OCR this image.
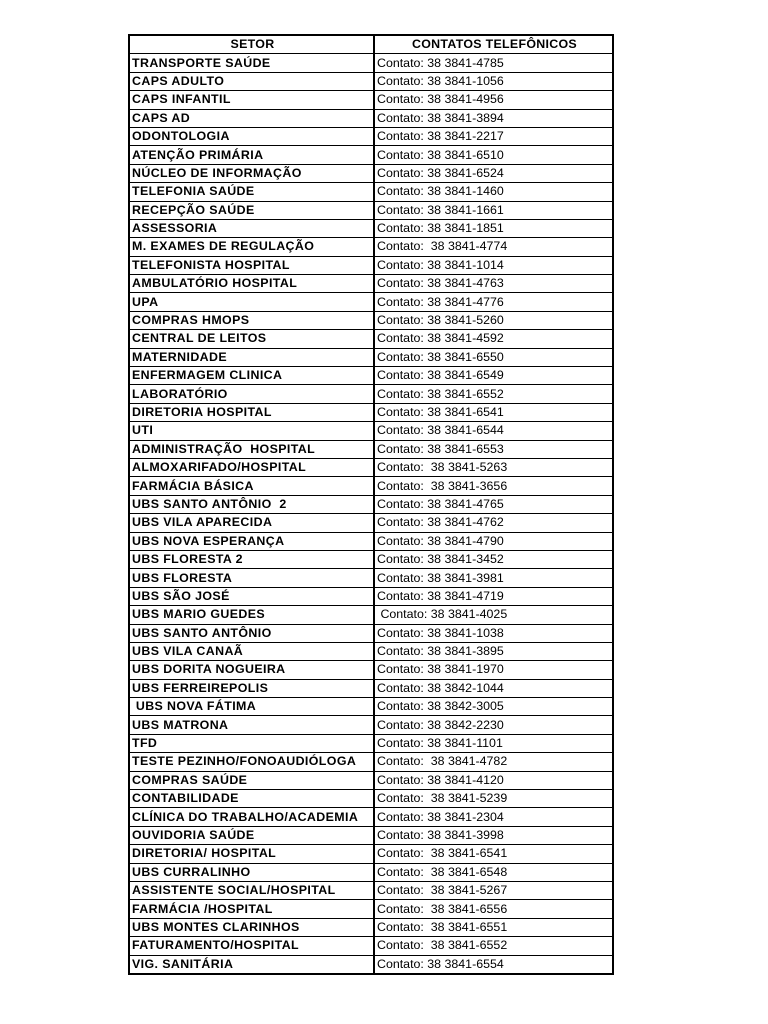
SETOR	CONTATOS TELEFÔNICOS
TRANSPORTE SAÚDE	Contato: 38 3841-4785
CAPS ADULTO	Contato: 38 3841-1056
CAPS INFANTIL	Contato: 38 3841-4956
CAPS AD	Contato: 38 3841-3894
ODONTOLOGIA	Contato: 38 3841-2217
ATENÇÃO PRIMÁRIA	Contato: 38 3841-6510
NÚCLEO DE INFORMAÇÃO	Contato: 38 3841-6524
TELEFONIA SAÚDE	Contato: 38 3841-1460
RECEPÇÃO SAÚDE	Contato: 38 3841-1661
ASSESSORIA	Contato: 38 3841-1851
M. EXAMES DE REGULAÇÃO	Contato:  38 3841-4774
TELEFONISTA HOSPITAL	Contato: 38 3841-1014
AMBULATÓRIO HOSPITAL	Contato: 38 3841-4763
UPA	Contato: 38 3841-4776
COMPRAS HMOPS	Contato: 38 3841-5260
CENTRAL DE LEITOS	Contato: 38 3841-4592
MATERNIDADE	Contato: 38 3841-6550
ENFERMAGEM CLINICA	Contato: 38 3841-6549
LABORATÓRIO	Contato: 38 3841-6552
DIRETORIA HOSPITAL	Contato: 38 3841-6541
UTI	Contato: 38 3841-6544
ADMINISTRAÇÃO  HOSPITAL	Contato: 38 3841-6553
ALMOXARIFADO/HOSPITAL	Contato:  38 3841-5263
FARMÁCIA BÁSICA	Contato:  38 3841-3656
UBS SANTO ANTÔNIO  2	Contato: 38 3841-4765
UBS VILA APARECIDA	Contato: 38 3841-4762
UBS NOVA ESPERANÇA	Contato: 38 3841-4790
UBS FLORESTA 2	Contato: 38 3841-3452
UBS FLORESTA	Contato: 38 3841-3981
UBS SÃO JOSÉ	Contato: 38 3841-4719
UBS MARIO GUEDES	Contato: 38 3841-4025
UBS SANTO ANTÔNIO	Contato: 38 3841-1038
UBS VILA CANAÃ	Contato: 38 3841-3895
UBS DORITA NOGUEIRA	Contato: 38 3841-1970
UBS FERREIREPOLIS	Contato: 38 3842-1044
UBS NOVA FÁTIMA	Contato: 38 3842-3005
UBS MATRONA	Contato: 38 3842-2230
TFD	Contato: 38 3841-1101
TESTE PEZINHO/FONOAUDIÓLOGA	Contato:  38 3841-4782
COMPRAS SAÚDE	Contato: 38 3841-4120
CONTABILIDADE	Contato:  38 3841-5239
CLÍNICA DO TRABALHO/ACADEMIA	Contato: 38 3841-2304
OUVIDORIA SAÚDE	Contato: 38 3841-3998
DIRETORIA/ HOSPITAL	Contato:  38 3841-6541
UBS CURRALINHO	Contato:  38 3841-6548
ASSISTENTE SOCIAL/HOSPITAL	Contato:  38 3841-5267
FARMÁCIA /HOSPITAL	Contato:  38 3841-6556
UBS MONTES CLARINHOS	Contato:  38 3841-6551
FATURAMENTO/HOSPITAL	Contato:  38 3841-6552
VIG. SANITÁRIA	Contato: 38 3841-6554
